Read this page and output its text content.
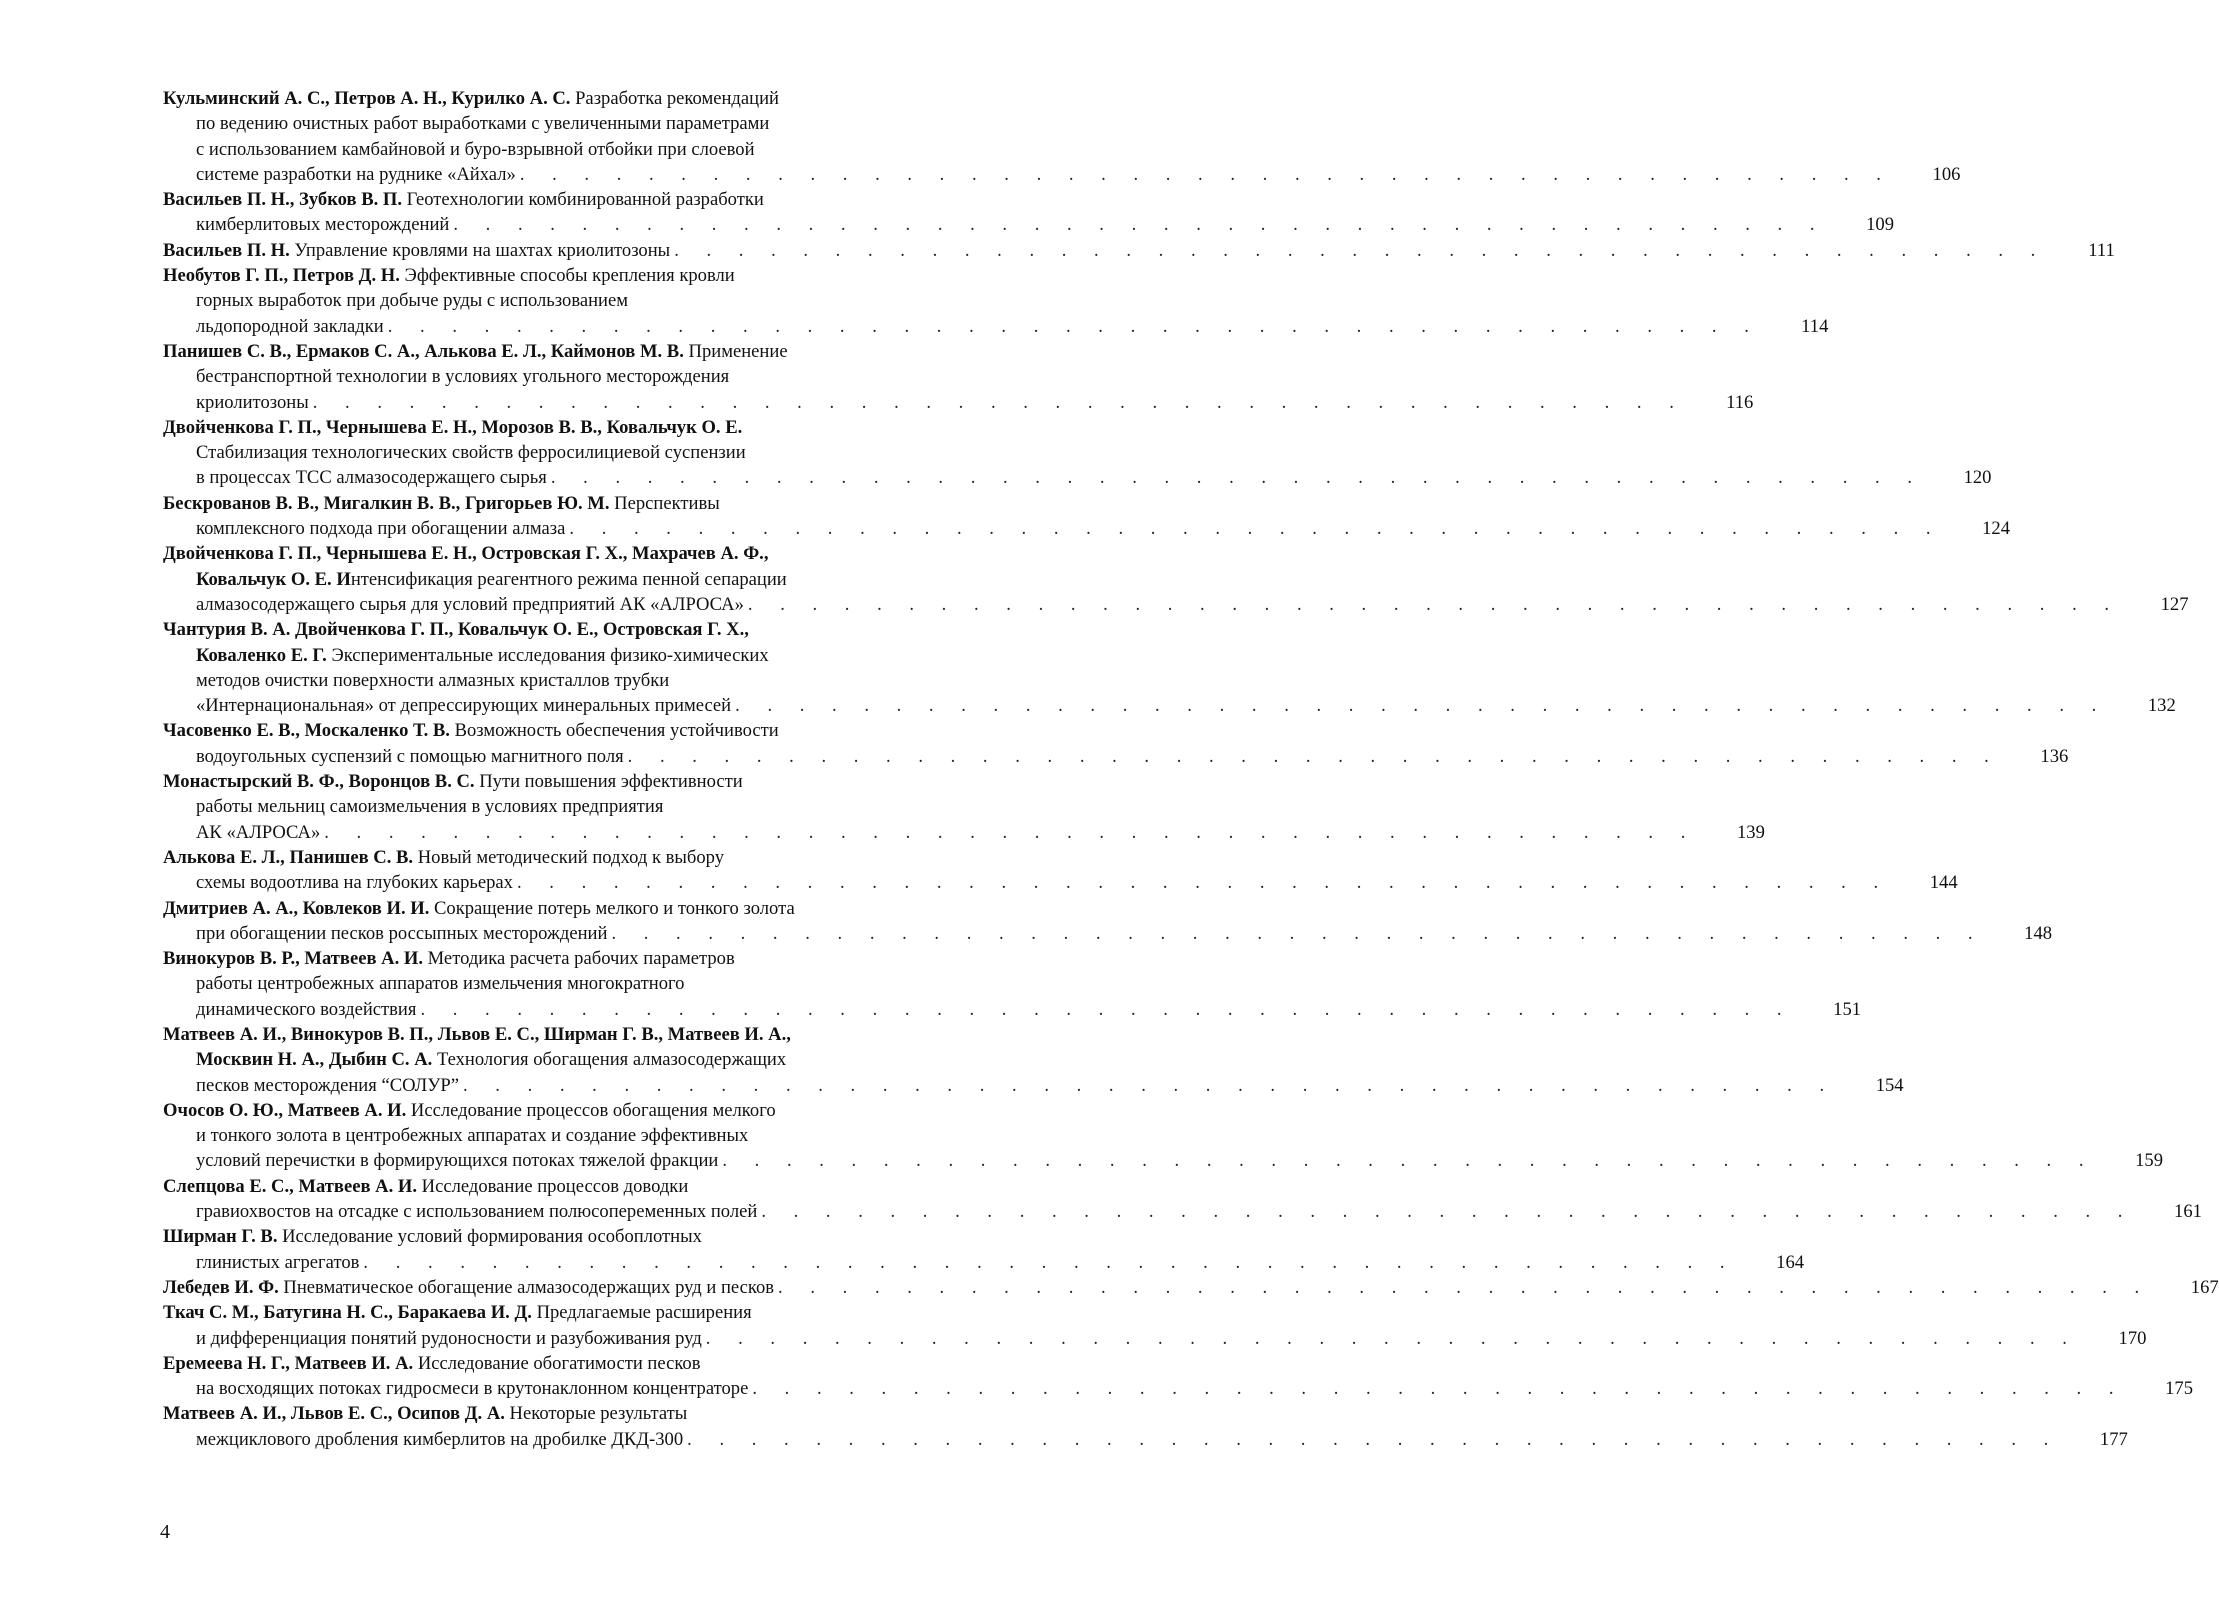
Кульминский А. С., Петров А. Н., Курилко А. С. Разработка рекомендаций
по ведению очистных работ выработками с увеличенными параметрами
с использованием камбайновой и буро-взрывной отбойки при слоевой
системе разработки на руднике «Айхал» . . . . . . . . . . . . . . . . . . . . . . . . . . . . . . . . . . . . . . . . . . .	106
Васильев П. Н., Зубков В. П. Геотехнологии комбинированной разработки
кимберлитовых месторождений . . . . . . . . . . . . . . . . . . . . . . . . . . . . . . . . . . . . . . . . . . .	109
Васильев П. Н. Управление кровлями на шахтах криолитозоны . . . . . . . . . . . . . . . . . . . . . . . . . . . . . . . . . . . . . . . . . . .	111
Необутов Г. П., Петров Д. Н. Эффективные способы крепления кровли
горных выработок при добыче руды с использованием
льдопородной закладки . . . . . . . . . . . . . . . . . . . . . . . . . . . . . . . . . . . . . . . . . . .	114
Панишев С. В., Ермаков С. А., Алькова Е. Л., Каймонов М. В. Применение
бестранспортной технологии в условиях угольного месторождения
криолитозоны . . . . . . . . . . . . . . . . . . . . . . . . . . . . . . . . . . . . . . . . . . .	116
Двойченкова Г. П., Чернышева Е. Н., Морозов В. В., Ковальчук О. Е.
Стабилизация технологических свойств ферросилициевой суспензии
в процессах ТСС алмазосодержащего сырья . . . . . . . . . . . . . . . . . . . . . . . . . . . . . . . . . . . . . . . . . . .	120
Бескрованов В. В., Мигалкин В. В., Григорьев Ю. М. Перспективы
комплексного подхода при обогащении алмаза . . . . . . . . . . . . . . . . . . . . . . . . . . . . . . . . . . . . . . . . . . .	124
Двойченкова Г. П., Чернышева Е. Н., Островская Г. Х., Махрачев А. Ф.,
Ковальчук О. Е. Интенсификация реагентного режима пенной сепарации
алмазосодержащего сырья для условий предприятий АК «АЛРОСА» . . . . . . . . . . . . . . . . . . . . . . . . . . . . . . . . . . . . . . . . . . .	127
Чантурия В. А. Двойченкова Г. П., Ковальчук О. Е., Островская Г. Х.,
Коваленко Е. Г. Экспериментальные исследования физико-химических
методов очистки поверхности алмазных кристаллов трубки
«Интернациональная» от депрессирующих минеральных примесей . . . . . . . . . . . . . . . . . . . . . . . . . . . . . . . . . . . . . . . . . . .	132
Часовенко Е. В., Москаленко Т. В. Возможность обеспечения устойчивости
водоугольных суспензий с помощью магнитного поля . . . . . . . . . . . . . . . . . . . . . . . . . . . . . . . . . . . . . . . . . . .	136
Монастырский В. Ф., Воронцов В. С. Пути повышения эффективности
работы мельниц самоизмельчения в условиях предприятия
АК «АЛРОСА» . . . . . . . . . . . . . . . . . . . . . . . . . . . . . . . . . . . . . . . . . . .	139
Алькова Е. Л., Панишев С. В. Новый методический подход к выбору
схемы водоотлива на глубоких карьерах . . . . . . . . . . . . . . . . . . . . . . . . . . . . . . . . . . . . . . . . . . .	144
Дмитриев А. А., Ковлеков И. И. Сокращение потерь мелкого и тонкого золота
при обогащении песков россыпных месторождений . . . . . . . . . . . . . . . . . . . . . . . . . . . . . . . . . . . . . . . . . . .	148
Винокуров В. Р., Матвеев А. И. Методика расчета рабочих параметров
работы центробежных аппаратов измельчения многократного
динамического воздействия . . . . . . . . . . . . . . . . . . . . . . . . . . . . . . . . . . . . . . . . . . .	151
Матвеев А. И., Винокуров В. П., Львов Е. С., Ширман Г. В., Матвеев И. А.,
Москвин Н. А., Дыбин С. А. Технология обогащения алмазосодержащих
песков месторождения “СОЛУР” . . . . . . . . . . . . . . . . . . . . . . . . . . . . . . . . . . . . . . . . . . .	154
Очосов О. Ю., Матвеев А. И. Исследование процессов обогащения мелкого
и тонкого золота в центробежных аппаратах и создание эффективных
условий перечистки в формирующихся потоках тяжелой фракции . . . . . . . . . . . . . . . . . . . . . . . . . . . . . . . . . . . . . . . . . . .	159
Слепцова Е. С., Матвеев А. И. Исследование процессов доводки
гравиохвостов на отсадке с использованием полюсопеременных полей . . . . . . . . . . . . . . . . . . . . . . . . . . . . . . . . . . . . . . . . . . .	161
Ширман Г. В. Исследование условий формирования особоплотных
глинистых агрегатов . . . . . . . . . . . . . . . . . . . . . . . . . . . . . . . . . . . . . . . . . . .	164
Лебедев И. Ф. Пневматическое обогащение алмазосодержащих руд и песков . . . . . . . . . . . . . . . . . . . . . . . . . . . . . . . . . . . . . . . . . . .	167
Ткач С. М., Батугина Н. С., Баракаева И. Д. Предлагаемые расширения
и дифференциация понятий рудоносности и разубоживания руд . . . . . . . . . . . . . . . . . . . . . . . . . . . . . . . . . . . . . . . . . . .	170
Еремеева Н. Г., Матвеев И. А. Исследование обогатимости песков
на восходящих потоках гидросмеси в крутонаклонном концентраторе . . . . . . . . . . . . . . . . . . . . . . . . . . . . . . . . . . . . . . . . . . .	175
Матвеев А. И., Львов Е. С., Осипов Д. А. Некоторые результаты
межциклового дробления кимберлитов на дробилке ДКД-300 . . . . . . . . . . . . . . . . . . . . . . . . . . . . . . . . . . . . . . . . . . .	177
4
